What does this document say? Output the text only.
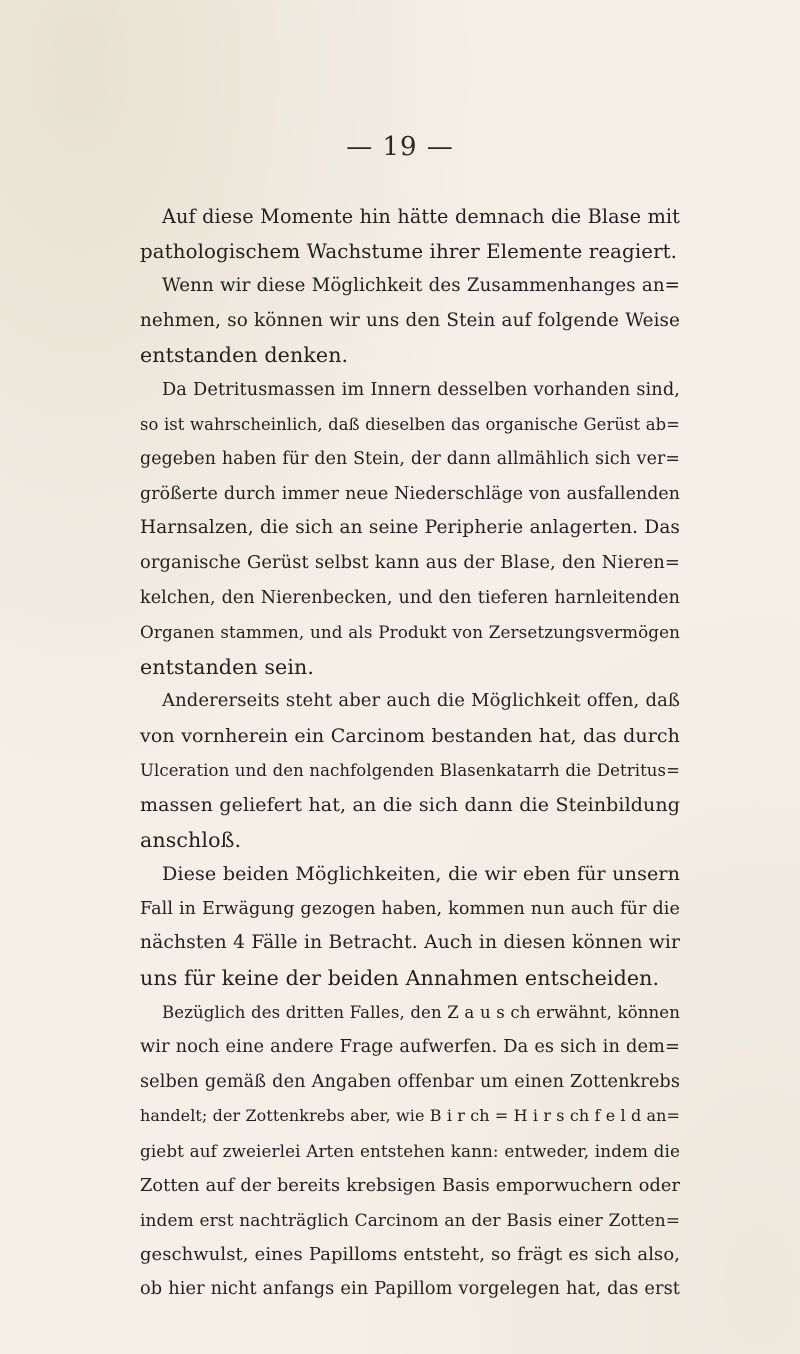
— 19 —
Auf diese Momente hin hätte demnach die Blase mit
pathologischem Wachstume ihrer Elemente reagiert.
Wenn wir diese Möglichkeit des Zusammenhanges an=
nehmen, so können wir uns den Stein auf folgende Weise
entstanden denken.
Da Detritusmassen im Innern desselben vorhanden sind,
so ist wahrscheinlich, daß dieselben das organische Gerüst ab=
gegeben haben für den Stein, der dann allmählich sich ver=
größerte durch immer neue Niederschläge von ausfallenden
Harnsalzen, die sich an seine Peripherie anlagerten. Das
organische Gerüst selbst kann aus der Blase, den Nieren=
kelchen, den Nierenbecken, und den tieferen harnleitenden
Organen stammen, und als Produkt von Zersetzungsvermögen
entstanden sein.
Andererseits steht aber auch die Möglichkeit offen, daß
von vornherein ein Carcinom bestanden hat, das durch
Ulceration und den nachfolgenden Blasenkatarrh die Detritus=
massen geliefert hat, an die sich dann die Steinbildung
anschloß.
Diese beiden Möglichkeiten, die wir eben für unsern
Fall in Erwägung gezogen haben, kommen nun auch für die
nächsten 4 Fälle in Betracht. Auch in diesen können wir
uns für keine der beiden Annahmen entscheiden.
Bezüglich des dritten Falles, den Z a u s ch erwähnt, können
wir noch eine andere Frage aufwerfen. Da es sich in dem=
selben gemäß den Angaben offenbar um einen Zottenkrebs
handelt; der Zottenkrebs aber, wie B i r ch = H i r s ch f e l d an=
giebt auf zweierlei Arten entstehen kann: entweder, indem die
Zotten auf der bereits krebsigen Basis emporwuchern oder
indem erst nachträglich Carcinom an der Basis einer Zotten=
geschwulst, eines Papilloms entsteht, so frägt es sich also,
ob hier nicht anfangs ein Papillom vorgelegen hat, das erst
